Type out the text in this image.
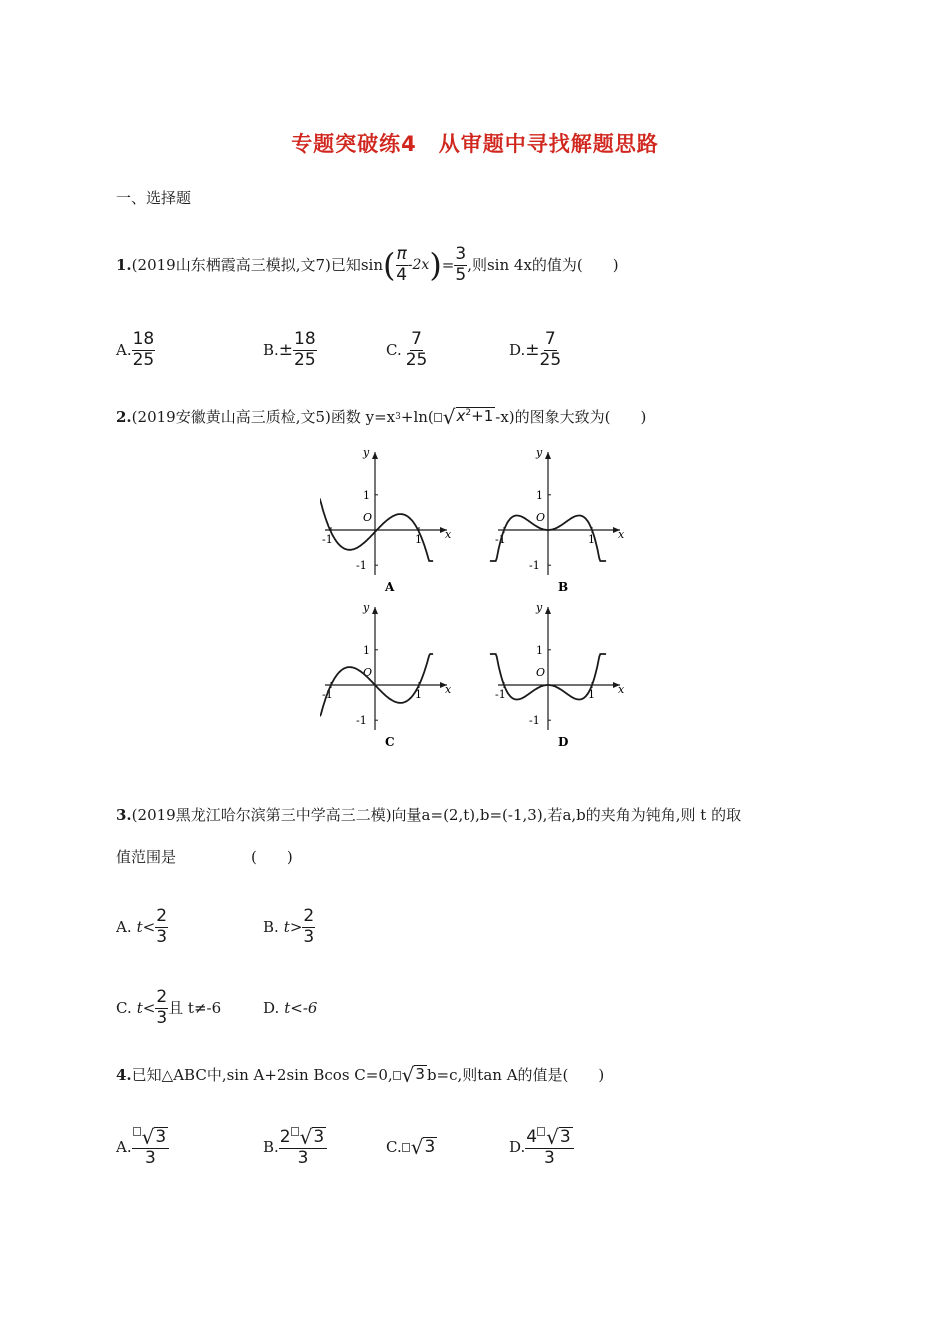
专题突破练4　从审题中寻找解题思路
一、选择题
1. (2019山东栖霞高三模拟,文7)已知sin ( $\frac{\pi}{4} -2x$ ) = $\frac{3}{5}$ ,则sin 4x的值为(　　)
A. $\frac{18}{25}$	B. ± $\frac{18}{25}$	C. $\frac{7}{25}$	D. ± $\frac{7}{25}$
2. (2019安徽黄山高三质检,文5)函数 y=x 3 +ln( √ $x^2+1$ -x)的图象大致为(　　)
x
y
O
1
-1
1
-1
A
x
y
O
1
-1
1
-1
B
x
y
O
1
-1
1
-1
C
x
y
O
1
-1
1
-1
D
3.(2019黑龙江哈尔滨第三中学高三二模)向量a=(2,t),b=(-1,3),若a,b的夹角为钝角,则 t 的取
值范围是　　　　　(　　)
A. $t< \frac{2}{3}$	B. $t> \frac{2}{3}$
C. $t< \frac{2}{3}$ 且 t≠-6	D. t<-6
4. 已知△ABC中,sin A+2sin Bcos C=0, √ 3 b=c,则tan A的值是(　　)
A. $\frac{√ 3}{3}$	B. $\frac{2 √ 3}{3}$	C. √ 3	D. $\frac{4 √ 3}{3}$
